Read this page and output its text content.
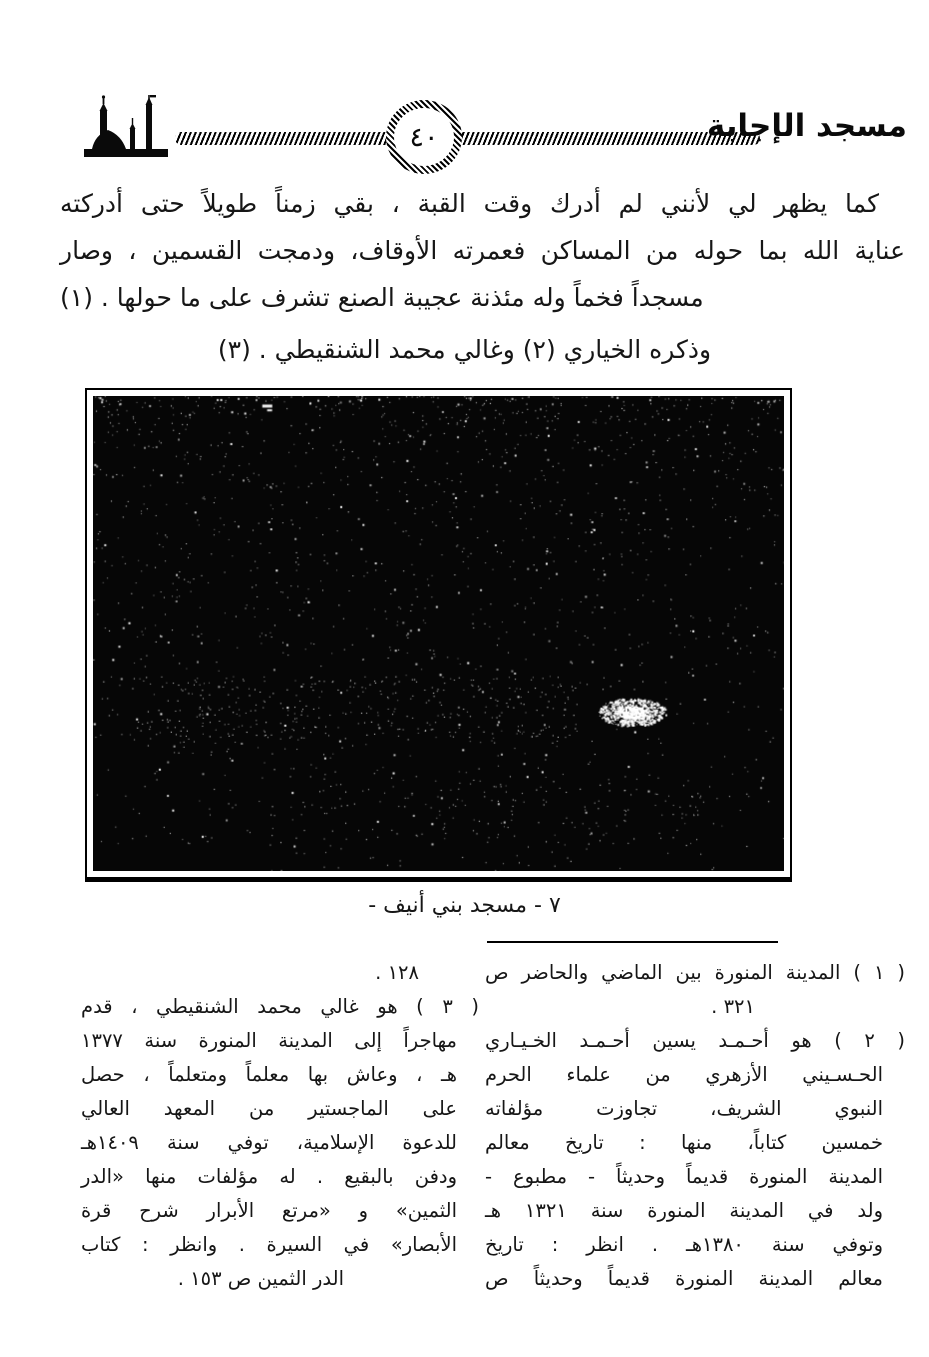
٤٠	مسجد الإجابة
كما يظهر لي لأنني لم أدرك وقت القبة ، بقي زمناً طويلاً حتى أدركته
عناية الله بما حوله من المساكن فعمرته الأوقاف، ودمجت القسمين ، وصار
مسجداً فخماً وله مئذنة عجيبة الصنع تشرف على ما حولها . (١)
وذكره الخياري (٢) وغالي محمد الشنقيطي . (٣)
٧ - مسجد بني أنيف -
( ١ ) المدينة المنورة بين الماضي والحاضر ص
٣٢١ .
( ٢ ) هو أحـمـد يسين أحـمـد الخـيـاري
الحـسـيني الأزهري من علماء الحرم
النبوي الشريف، تجاوزت مؤلفاته
خمسين كتاباً، منها : تاريخ معالم
المدينة المنورة قديماً وحديثاً - مطبوع -
ولد في المدينة المنورة سنة ١٣٢١ هـ
وتوفي سنة ١٣٨٠هـ . انظر : تاريخ
معالم المدينة المنورة قديماً وحديثاً ص
١٢٨ .
( ٣ ) هو غالي محمد الشنقيطي ، قدم
مهاجراً إلى المدينة المنورة سنة ١٣٧٧
هـ ، وعاش بها معلماً ومتعلماً ، حصل
على الماجستير من المعهد العالي
للدعوة الإسلامية، توفي سنة ١٤٠٩هـ
ودفن بالبقيع . له مؤلفات منها «الدر
الثمين» و «مرتع الأبرار شرح قرة
الأبصار» في السيرة . وانظر : كتاب
الدر الثمين ص ١٥٣ .
